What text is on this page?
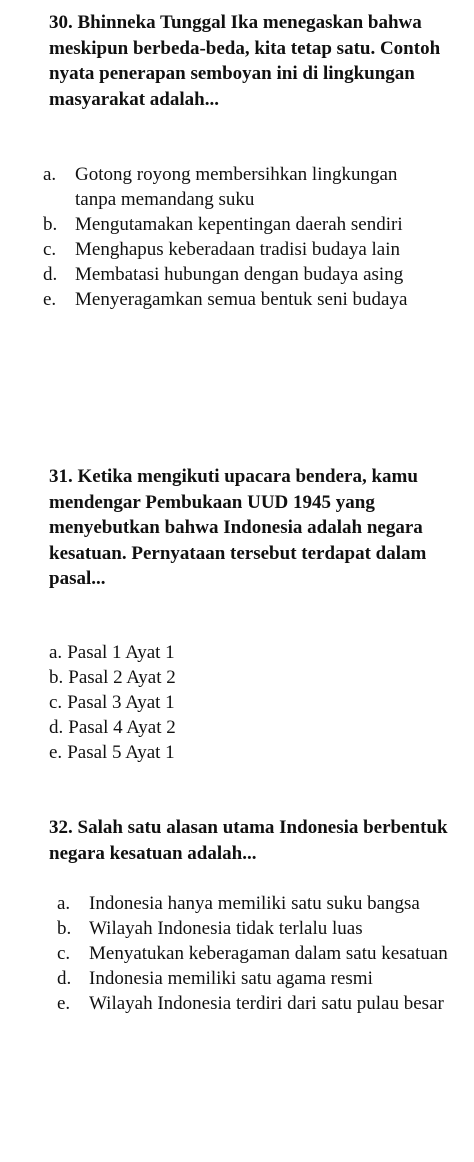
30. Bhinneka Tunggal Ika menegaskan bahwa meskipun berbeda-beda, kita tetap satu. Contoh nyata penerapan semboyan ini di lingkungan masyarakat adalah...

a. Gotong royong membersihkan lingkungan tanpa memandang suku
b. Mengutamakan kepentingan daerah sendiri
c. Menghapus keberadaan tradisi budaya lain
d. Membatasi hubungan dengan budaya asing
e. Menyeragamkan semua bentuk seni budaya

31. Ketika mengikuti upacara bendera, kamu mendengar Pembukaan UUD 1945 yang menyebutkan bahwa Indonesia adalah negara kesatuan. Pernyataan tersebut terdapat dalam pasal...

a. Pasal 1 Ayat 1
b. Pasal 2 Ayat 2
c. Pasal 3 Ayat 1
d. Pasal 4 Ayat 2
e. Pasal 5 Ayat 1

32. Salah satu alasan utama Indonesia berbentuk negara kesatuan adalah...

a. Indonesia hanya memiliki satu suku bangsa
b. Wilayah Indonesia tidak terlalu luas
c. Menyatukan keberagaman dalam satu kesatuan
d. Indonesia memiliki satu agama resmi
e. Wilayah Indonesia terdiri dari satu pulau besar
